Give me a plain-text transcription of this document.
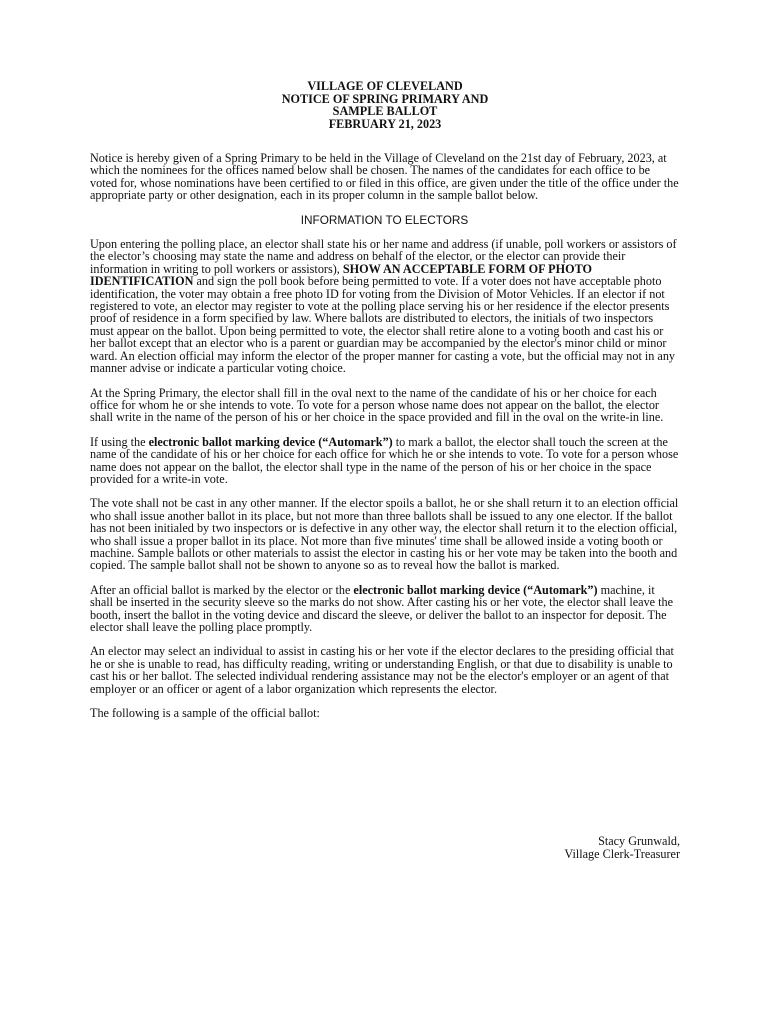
VILLAGE OF CLEVELAND
NOTICE OF SPRING PRIMARY AND
SAMPLE BALLOT
FEBRUARY 21, 2023

Notice is hereby given of a Spring Primary to be held in the Village of Cleveland on the 21st day of February, 2023, at which the nominees for the offices named below shall be chosen. The names of the candidates for each office to be voted for, whose nominations have been certified to or filed in this office, are given under the title of the office under the appropriate party or other designation, each in its proper column in the sample ballot below.

INFORMATION TO ELECTORS

Upon entering the polling place, an elector shall state his or her name and address (if unable, poll workers or assistors of the elector’s choosing may state the name and address on behalf of the elector, or the elector can provide their information in writing to poll workers or assistors), SHOW AN ACCEPTABLE FORM OF PHOTO IDENTIFICATION and sign the poll book before being permitted to vote. If a voter does not have acceptable photo identification, the voter may obtain a free photo ID for voting from the Division of Motor Vehicles. If an elector if not registered to vote, an elector may register to vote at the polling place serving his or her residence if the elector presents proof of residence in a form specified by law. Where ballots are distributed to electors, the initials of two inspectors must appear on the ballot. Upon being permitted to vote, the elector shall retire alone to a voting booth and cast his or her ballot except that an elector who is a parent or guardian may be accompanied by the elector's minor child or minor ward. An election official may inform the elector of the proper manner for casting a vote, but the official may not in any manner advise or indicate a particular voting choice.

At the Spring Primary, the elector shall fill in the oval next to the name of the candidate of his or her choice for each office for whom he or she intends to vote. To vote for a person whose name does not appear on the ballot, the elector shall write in the name of the person of his or her choice in the space provided and fill in the oval on the write-in line.

If using the electronic ballot marking device (“Automark”) to mark a ballot, the elector shall touch the screen at the name of the candidate of his or her choice for each office for which he or she intends to vote. To vote for a person whose name does not appear on the ballot, the elector shall type in the name of the person of his or her choice in the space provided for a write-in vote.

The vote shall not be cast in any other manner. If the elector spoils a ballot, he or she shall return it to an election official who shall issue another ballot in its place, but not more than three ballots shall be issued to any one elector. If the ballot has not been initialed by two inspectors or is defective in any other way, the elector shall return it to the election official, who shall issue a proper ballot in its place. Not more than five minutes' time shall be allowed inside a voting booth or machine. Sample ballots or other materials to assist the elector in casting his or her vote may be taken into the booth and copied. The sample ballot shall not be shown to anyone so as to reveal how the ballot is marked.

After an official ballot is marked by the elector or the electronic ballot marking device (“Automark”) machine, it shall be inserted in the security sleeve so the marks do not show. After casting his or her vote, the elector shall leave the booth, insert the ballot in the voting device and discard the sleeve, or deliver the ballot to an inspector for deposit. The elector shall leave the polling place promptly.

An elector may select an individual to assist in casting his or her vote if the elector declares to the presiding official that he or she is unable to read, has difficulty reading, writing or understanding English, or that due to disability is unable to cast his or her ballot. The selected individual rendering assistance may not be the elector's employer or an agent of that employer or an officer or agent of a labor organization which represents the elector.

The following is a sample of the official ballot:

Stacy Grunwald,
Village Clerk-Treasurer
